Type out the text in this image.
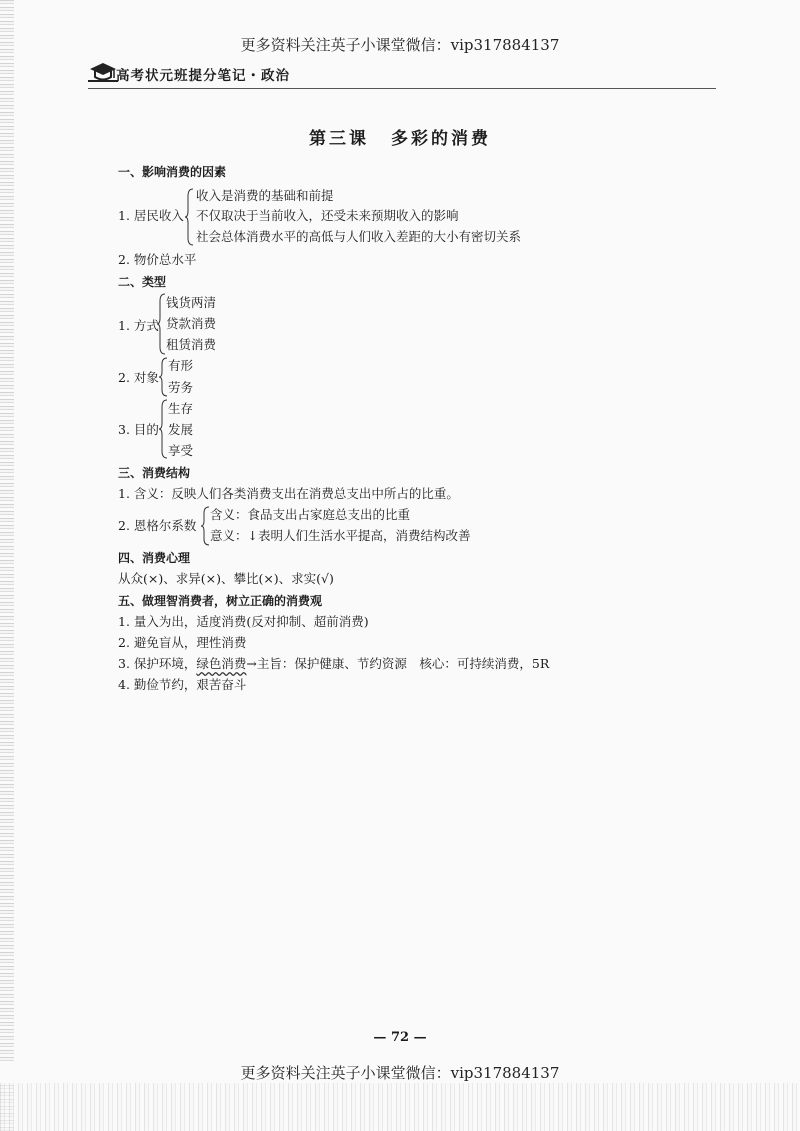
更多资料关注英子小课堂微信：vip317884137
高考状元班提分笔记・政治
第三课 多彩的消费
一、影响消费的因素
1. 居民收入
收入是消费的基础和前提
不仅取决于当前收入，还受未来预期收入的影响
社会总体消费水平的高低与人们收入差距的大小有密切关系
2. 物价总水平
二、类型
1. 方式
钱货两清
贷款消费
租赁消费
2. 对象
有形
劳务
3. 目的
生存
发展
享受
三、消费结构
1. 含义：反映人们各类消费支出在消费总支出中所占的比重。
2. 恩格尔系数
含义：食品支出占家庭总支出的比重
意义：↓表明人们生活水平提高，消费结构改善
四、消费心理
从众(×)、求异(×)、攀比(×)、求实(√)
五、做理智消费者，树立正确的消费观
1. 量入为出，适度消费(反对抑制、超前消费)
2. 避免盲从，理性消费
3. 保护环境，绿色消费→主旨：保护健康、节约资源　核心：可持续消费，5R
4. 勤俭节约，艰苦奋斗
— 72 —
更多资料关注英子小课堂微信：vip317884137
